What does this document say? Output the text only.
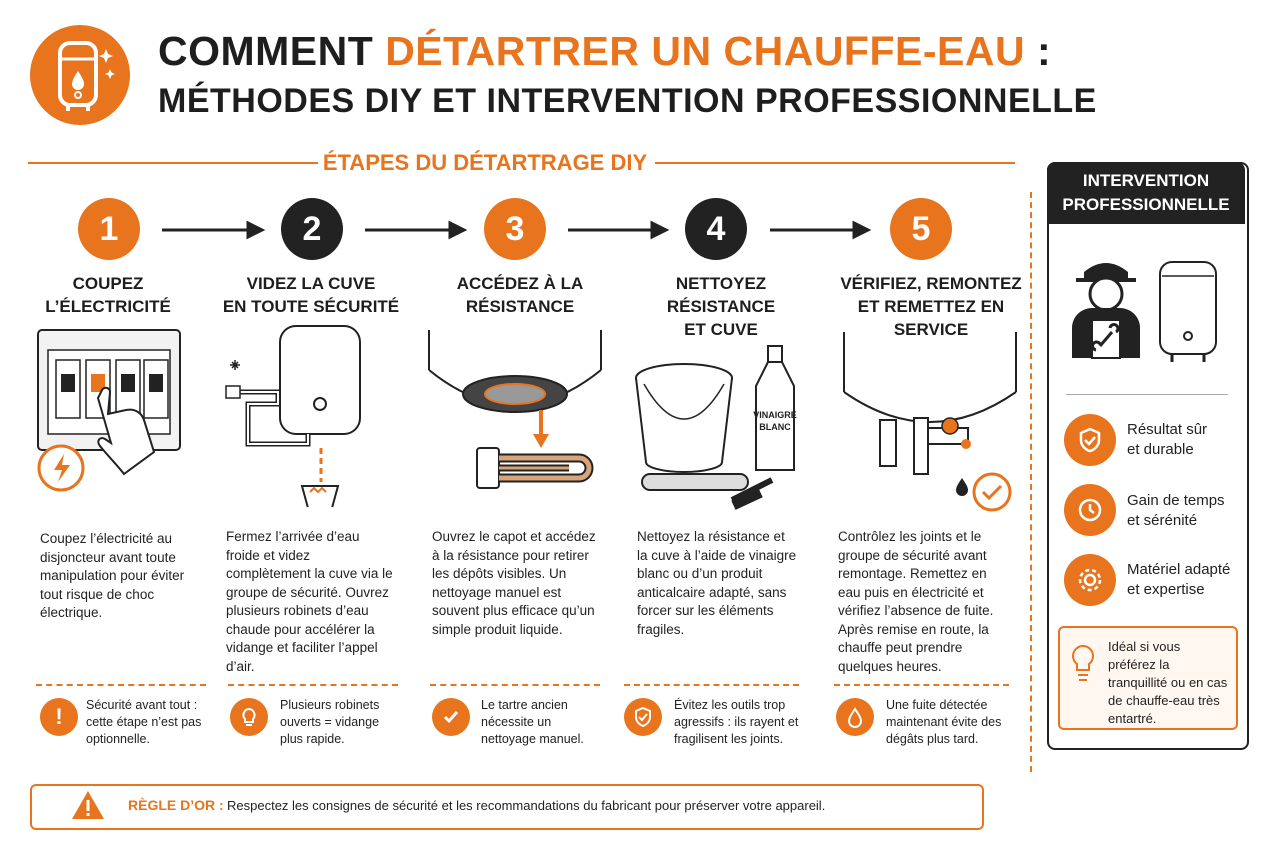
COMMENT DÉTARTRER UN CHAUFFE-EAU :
MÉTHODES DIY ET INTERVENTION PROFESSIONNELLE
ÉTAPES DU DÉTARTRAGE DIY
1	2	3	4	5
COUPEZ
L’ÉLECTRICITÉ
VIDEZ LA CUVE
EN TOUTE SÉCURITÉ
ACCÉDEZ À LA
RÉSISTANCE
NETTOYEZ RÉSISTANCE
ET CUVE
VÉRIFIEZ, REMONTEZ
ET REMETTEZ EN SERVICE
VINAIGRE BLANC
Coupez l’électricité au disjoncteur avant toute manipulation pour éviter tout risque de choc électrique.
Fermez l’arrivée d’eau froide et videz complètement la cuve via le groupe de sécurité. Ouvrez plusieurs robinets d’eau chaude pour accélérer la vidange et faciliter l’appel d’air.
Ouvrez le capot et accédez à la résistance pour retirer les dépôts visibles. Un nettoyage manuel est souvent plus efficace qu’un simple produit liquide.
Nettoyez la résistance et la cuve à l’aide de vinaigre blanc ou d’un produit anticalcaire adapté, sans forcer sur les éléments fragiles.
Contrôlez les joints et le groupe de sécurité avant remontage. Remettez en eau puis en électricité et vérifiez l’absence de fuite. Après remise en route, la chauffe peut prendre quelques heures.
! Sécurité avant tout : cette étape n’est pas optionnelle.
Plusieurs robinets ouverts = vidange plus rapide.
Le tartre ancien nécessite un nettoyage manuel.
Évitez les outils trop agressifs : ils rayent et fragilisent les joints.
Une fuite détectée maintenant évite des dégâts plus tard.
INTERVENTION
PROFESSIONNELLE
Résultat sûr
et durable
Gain de temps
et sérénité
Matériel adapté
et expertise
Idéal si vous préférez la tranquillité ou en cas de chauffe-eau très entartré.
RÈGLE D’OR : Respectez les consignes de sécurité et les recommandations du fabricant pour préserver votre appareil.
